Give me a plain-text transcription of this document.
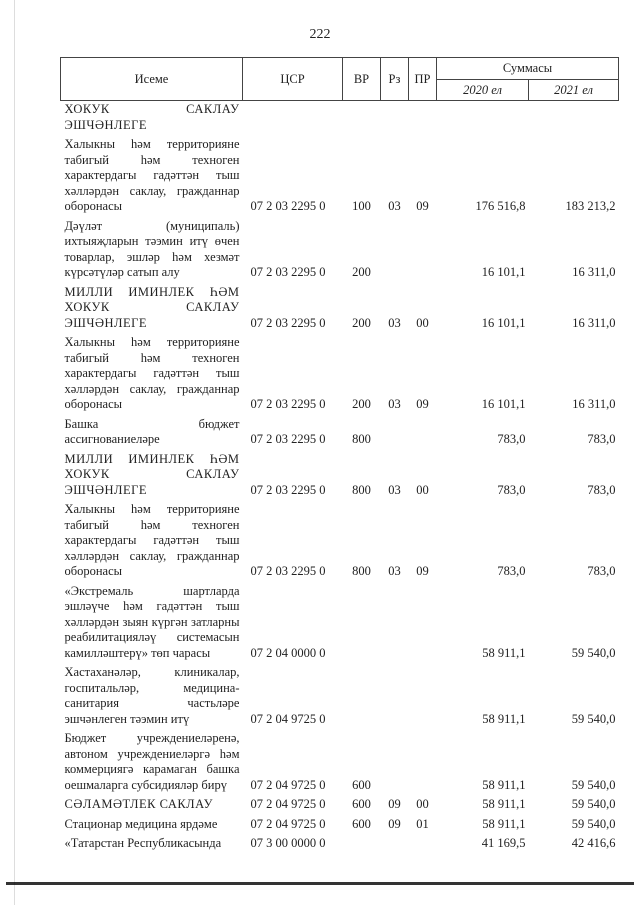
222
Исеме	ЦСР	ВР	Рз	ПР	Суммасы	
					2020 ел	2021 ел
ХОКУК САКЛАУ ЭШЧӘНЛЕГЕ						
Халыкны һәм территорияне табигый һәм техноген характердагы гадәттән тыш хәлләрдән саклау, гражданнар оборонасы	07 2 03 2295 0	100	03	09	176 516,8	183 213,2
Дәүләт (муниципаль) ихтыяҗларын тәэмин итү өчен товарлар, эшләр һәм хезмәт күрсәтүләр сатып алу	07 2 03 2295 0	200			16 101,1	16 311,0
МИЛЛИ ИМИНЛЕК ҺӘМ ХОКУК САКЛАУ ЭШЧӘНЛЕГЕ	07 2 03 2295 0	200	03	00	16 101,1	16 311,0
Халыкны һәм территорияне табигый һәм техноген характердагы гадәттән тыш хәлләрдән саклау, гражданнар оборонасы	07 2 03 2295 0	200	03	09	16 101,1	16 311,0
Башка бюджет ассигнованиеләре	07 2 03 2295 0	800			783,0	783,0
МИЛЛИ ИМИНЛЕК ҺӘМ ХОКУК САКЛАУ ЭШЧӘНЛЕГЕ	07 2 03 2295 0	800	03	00	783,0	783,0
Халыкны һәм территорияне табигый һәм техноген характердагы гадәттән тыш хәлләрдән саклау, гражданнар оборонасы	07 2 03 2295 0	800	03	09	783,0	783,0
«Экстремаль шартларда эшләүче һәм гадәттән тыш хәлләрдән зыян күргән затларны реабилитацияләү системасын камилләштерү» төп чарасы	07 2 04 0000 0				58 911,1	59 540,0
Хастаханәләр, клиникалар, госпитальләр, медицина-санитария частьләре эшчәнлеген тәэмин итү	07 2 04 9725 0				58 911,1	59 540,0
Бюджет учреждениеләренә, автоном учреждениеләргә һәм коммерциягә карамаган башка оешмаларга субсидияләр бирү	07 2 04 9725 0	600			58 911,1	59 540,0
СӘЛАМӘТЛЕК САКЛАУ	07 2 04 9725 0	600	09	00	58 911,1	59 540,0
Стационар медицина ярдәме	07 2 04 9725 0	600	09	01	58 911,1	59 540,0
«Татарстан Республикасында	07 3 00 0000 0				41 169,5	42 416,6
